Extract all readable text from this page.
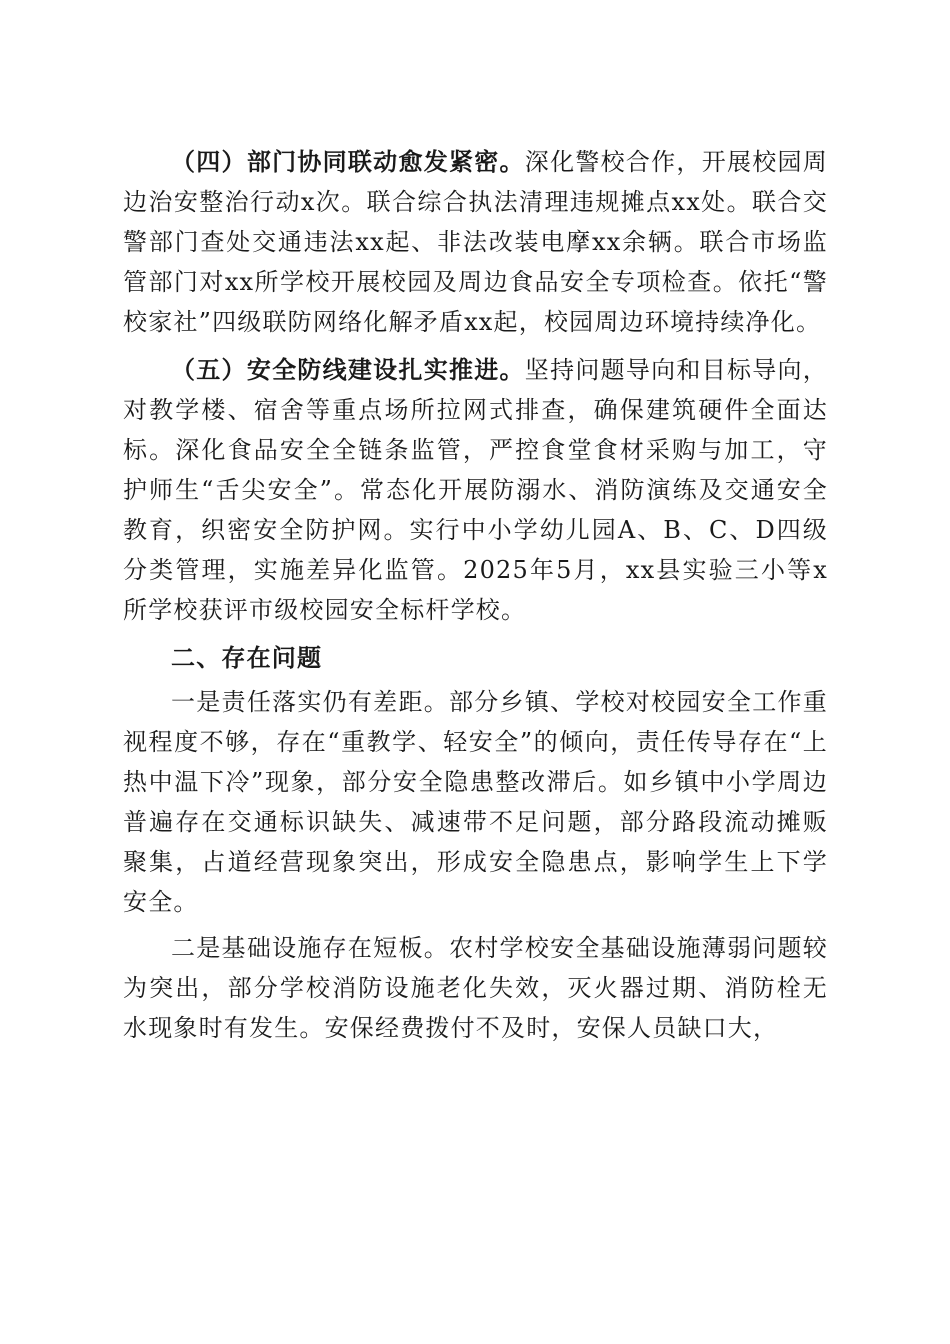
（四）部门协同联动愈发紧密。深化警校合作，开展校园周边治安整治行动x次。联合综合执法清理违规摊点xx处。联合交警部门查处交通违法xx起、非法改装电摩xx余辆。联合市场监管部门对xx所学校开展校园及周边食品安全专项检查。依托“警校家社”四级联防网络化解矛盾xx起，校园周边环境持续净化。

（五）安全防线建设扎实推进。坚持问题导向和目标导向，对教学楼、宿舍等重点场所拉网式排查，确保建筑硬件全面达标。深化食品安全全链条监管，严控食堂食材采购与加工，守护师生“舌尖安全”。常态化开展防溺水、消防演练及交通安全教育，织密安全防护网。实行中小学幼儿园A、B、C、D四级分类管理，实施差异化监管。2025年5月，xx县实验三小等x所学校获评市级校园安全标杆学校。

二、存在问题

一是责任落实仍有差距。部分乡镇、学校对校园安全工作重视程度不够，存在“重教学、轻安全”的倾向，责任传导存在“上热中温下冷”现象，部分安全隐患整改滞后。如乡镇中小学周边普遍存在交通标识缺失、减速带不足问题，部分路段流动摊贩聚集，占道经营现象突出，形成安全隐患点，影响学生上下学安全。

二是基础设施存在短板。农村学校安全基础设施薄弱问题较为突出，部分学校消防设施老化失效，灭火器过期、消防栓无水现象时有发生。安保经费拨付不及时，安保人员缺口大，
